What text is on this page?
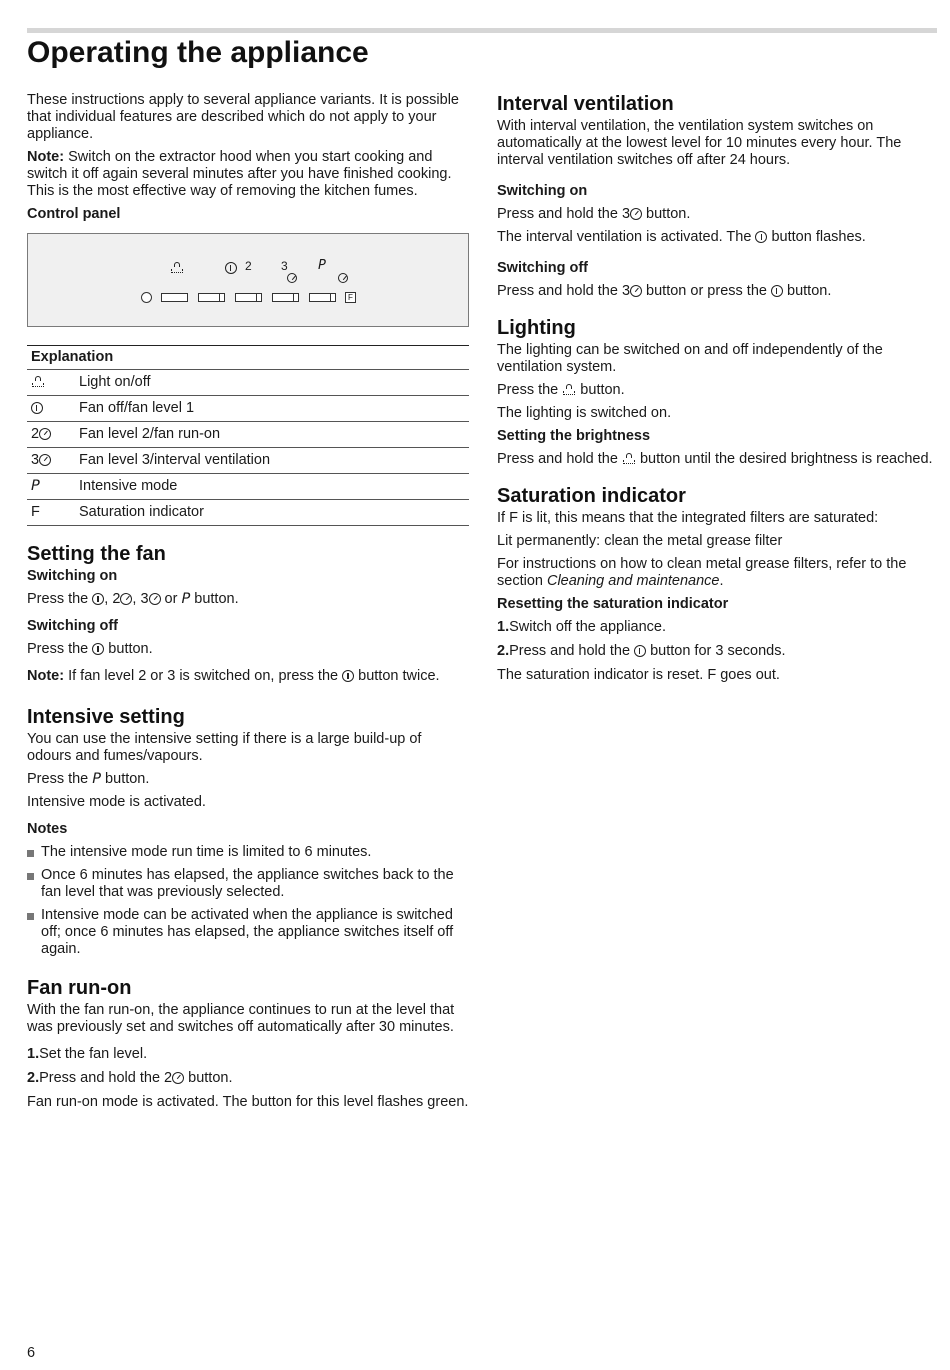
Operating the appliance

These instructions apply to several appliance variants. It is possible that individual features are described which do not apply to your appliance.

Note: Switch on the extractor hood when you start cooking and switch it off again several minutes after you have finished cooking. This is the most effective way of removing the kitchen fumes.

Control panel

2
3 P
F
Explanation	
	Light on/off
	Fan off/fan level 1
2	Fan level 2/fan run-on
3	Fan level 3/interval ventilation
P	Intensive mode
F	Saturation indicator
Setting the fan
Switching on

Press the , 2 , 3 or P button.

Switching off

Press the  button.

Note: If fan level 2 or 3 is switched on, press the  button twice.

Intensive setting

You can use the intensive setting if there is a large build-up of odours and fumes/vapours.

Press the P button.

Intensive mode is activated.

Notes
The intensive mode run time is limited to 6 minutes.
Once 6 minutes has elapsed, the appliance switches back to the fan level that was previously selected.
Intensive mode can be activated when the appliance is switched off; once 6 minutes has elapsed, the appliance switches itself off again.
Fan run-on

With the fan run-on, the appliance continues to run at the level that was previously set and switches off automatically after 30 minutes.

1.Set the fan level.
2.Press and hold the 2 button.

Fan run-on mode is activated. The button for this level flashes green.

Interval ventilation

With interval ventilation, the ventilation system switches on automatically at the lowest level for 10 minutes every hour. The interval ventilation switches off after 24 hours.

Switching on

Press and hold the 3 button.

The interval ventilation is activated. The  button flashes.

Switching off

Press and hold the 3 button or press the  button.

Lighting

The lighting can be switched on and off independently of the ventilation system.

Press the  button.

The lighting is switched on.

Setting the brightness

Press and hold the  button until the desired brightness is reached.

Saturation indicator

If F is lit, this means that the integrated filters are saturated:

Lit permanently: clean the metal grease filter

For instructions on how to clean metal grease filters, refer to the section Cleaning and maintenance.

Resetting the saturation indicator
1.Switch off the appliance.
2.Press and hold the  button for 3 seconds.

The saturation indicator is reset. F goes out.

6
